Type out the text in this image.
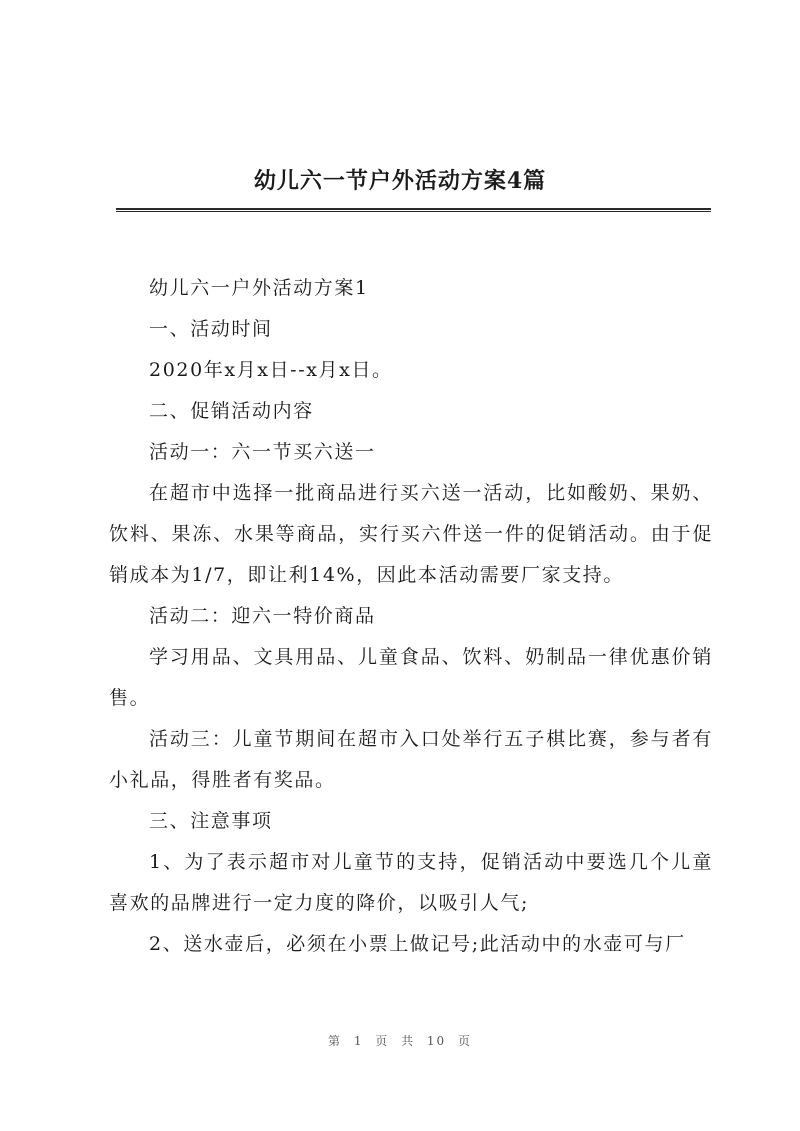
幼儿六一节户外活动方案4篇

幼儿六一户外活动方案1

一、活动时间

2020年x月x日--x月x日。

二、促销活动内容

活动一：六一节买六送一

在超市中选择一批商品进行买六送一活动，比如酸奶、果奶、饮料、果冻、水果等商品，实行买六件送一件的促销活动。由于促销成本为1/7，即让利14%，因此本活动需要厂家支持。

活动二：迎六一特价商品

学习用品、文具用品、儿童食品、饮料、奶制品一律优惠价销售。

活动三：儿童节期间在超市入口处举行五子棋比赛，参与者有小礼品，得胜者有奖品。

三、注意事项

1、为了表示超市对儿童节的支持，促销活动中要选几个儿童喜欢的品牌进行一定力度的降价，以吸引人气;

2、送水壶后，必须在小票上做记号;此活动中的水壶可与厂

第 1 页 共 10 页
